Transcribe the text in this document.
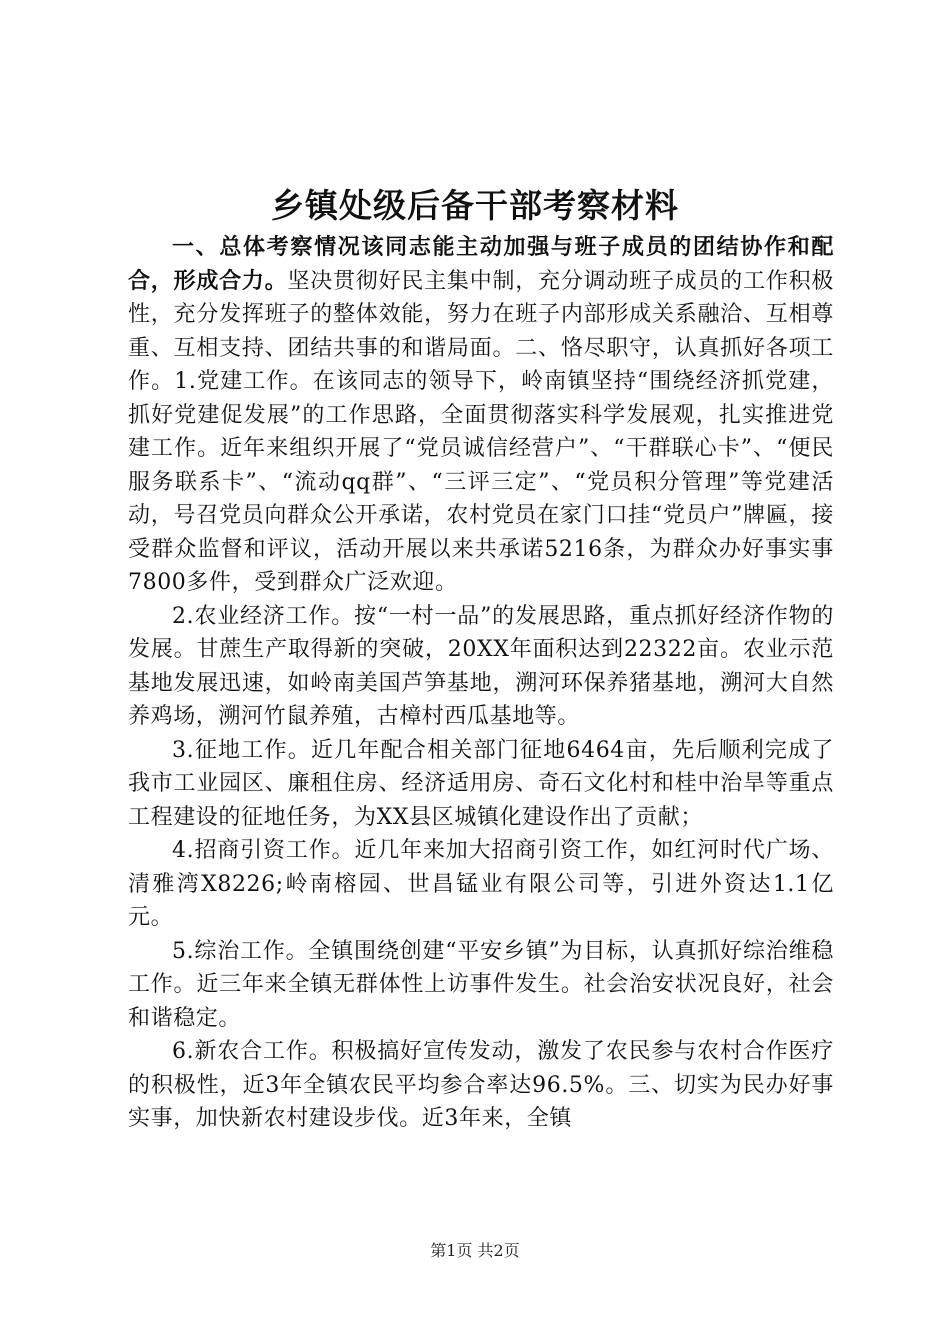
乡镇处级后备干部考察材料

一、总体考察情况该同志能主动加强与班子成员的团结协作和配合，形成合力。坚决贯彻好民主集中制，充分调动班子成员的工作积极性，充分发挥班子的整体效能，努力在班子内部形成关系融洽、互相尊重、互相支持、团结共事的和谐局面。二、恪尽职守，认真抓好各项工作。1.党建工作。在该同志的领导下，岭南镇坚持“围绕经济抓党建，抓好党建促发展”的工作思路，全面贯彻落实科学发展观，扎实推进党建工作。近年来组织开展了“党员诚信经营户”、“干群联心卡”、“便民服务联系卡”、“流动qq群”、“三评三定”、“党员积分管理”等党建活动，号召党员向群众公开承诺，农村党员在家门口挂“党员户”牌匾，接受群众监督和评议，活动开展以来共承诺5216条，为群众办好事实事7800多件，受到群众广泛欢迎。

2.农业经济工作。按“一村一品”的发展思路，重点抓好经济作物的发展。甘蔗生产取得新的突破，20XX年面积达到22322亩。农业示范基地发展迅速，如岭南美国芦笋基地，溯河环保养猪基地，溯河大自然养鸡场，溯河竹鼠养殖，古樟村西瓜基地等。

3.征地工作。近几年配合相关部门征地6464亩，先后顺利完成了我市工业园区、廉租住房、经济适用房、奇石文化村和桂中治旱等重点工程建设的征地任务，为XX县区城镇化建设作出了贡献；

4.招商引资工作。近几年来加大招商引资工作，如红河时代广场、清雅湾X8226;岭南榕园、世昌锰业有限公司等，引进外资达1.1亿元。

5.综治工作。全镇围绕创建“平安乡镇”为目标，认真抓好综治维稳工作。近三年来全镇无群体性上访事件发生。社会治安状况良好，社会和谐稳定。

6.新农合工作。积极搞好宣传发动，激发了农民参与农村合作医疗的积极性，近3年全镇农民平均参合率达96.5%。三、切实为民办好事实事，加快新农村建设步伐。近3年来，全镇

第1页 共2页
